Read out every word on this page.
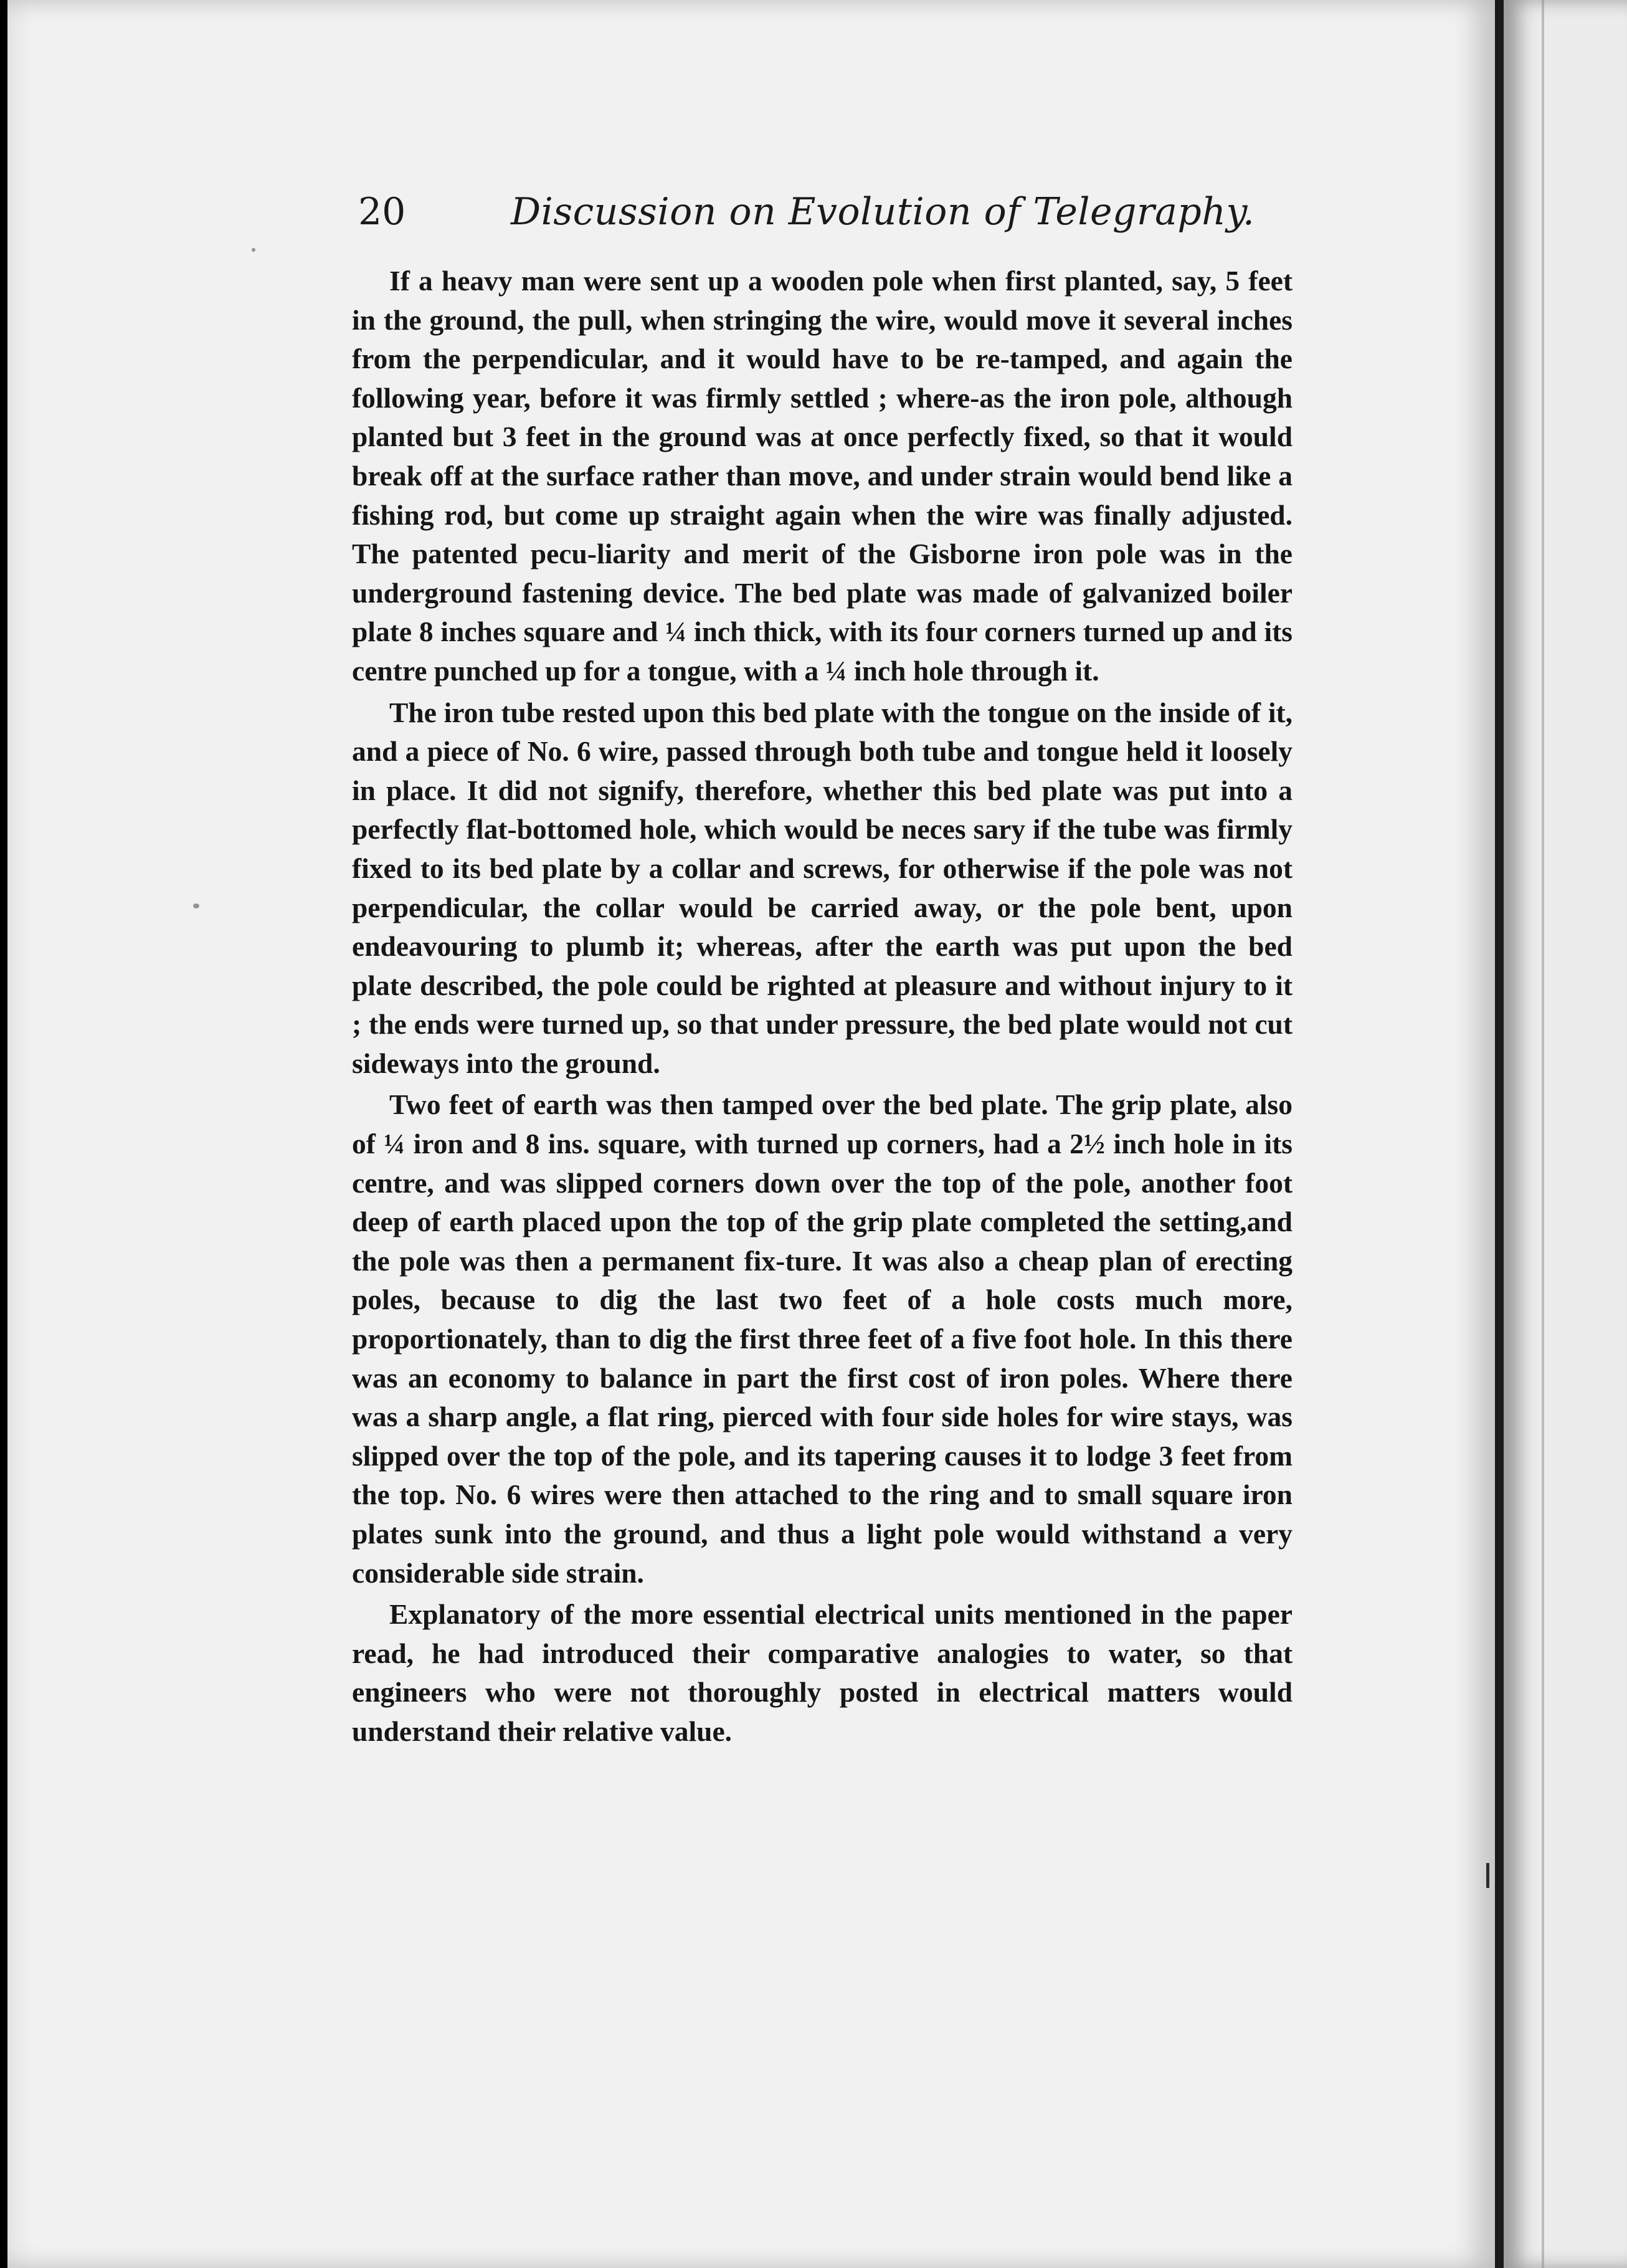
20	Discussion on Evolution of Telegraphy.

If a heavy man were sent up a wooden pole when first planted, say, 5 feet in the ground, the pull, when stringing the wire, would move it several inches from the perpendicular, and it would have to be re-tamped, and again the following year, before it was firmly settled ; where-as the iron pole, although planted but 3 feet in the ground was at once perfectly fixed, so that it would break off at the surface rather than move, and under strain would bend like a fishing rod, but come up straight again when the wire was finally adjusted. The patented pecu-liarity and merit of the Gisborne iron pole was in the underground fastening device. The bed plate was made of galvanized boiler plate 8 inches square and ¼ inch thick, with its four corners turned up and its centre punched up for a tongue, with a ¼ inch hole through it.

The iron tube rested upon this bed plate with the tongue on the inside of it, and a piece of No. 6 wire, passed through both tube and tongue held it loosely in place. It did not signify, therefore, whether this bed plate was put into a perfectly flat-bottomed hole, which would be neces sary if the tube was firmly fixed to its bed plate by a collar and screws, for otherwise if the pole was not perpendicular, the collar would be carried away, or the pole bent, upon endeavouring to plumb it; whereas, after the earth was put upon the bed plate described, the pole could be righted at pleasure and without injury to it ; the ends were turned up, so that under pressure, the bed plate would not cut sideways into the ground.

Two feet of earth was then tamped over the bed plate. The grip plate, also of ¼ iron and 8 ins. square, with turned up corners, had a 2½ inch hole in its centre, and was slipped corners down over the top of the pole, another foot deep of earth placed upon the top of the grip plate completed the setting,and the pole was then a permanent fix-ture. It was also a cheap plan of erecting poles, because to dig the last two feet of a hole costs much more, proportionately, than to dig the first three feet of a five foot hole. In this there was an economy to balance in part the first cost of iron poles. Where there was a sharp angle, a flat ring, pierced with four side holes for wire stays, was slipped over the top of the pole, and its tapering causes it to lodge 3 feet from the top. No. 6 wires were then attached to the ring and to small square iron plates sunk into the ground, and thus a light pole would withstand a very considerable side strain.

Explanatory of the more essential electrical units mentioned in the paper read, he had introduced their comparative analogies to water, so that engineers who were not thoroughly posted in electrical matters would understand their relative value.
